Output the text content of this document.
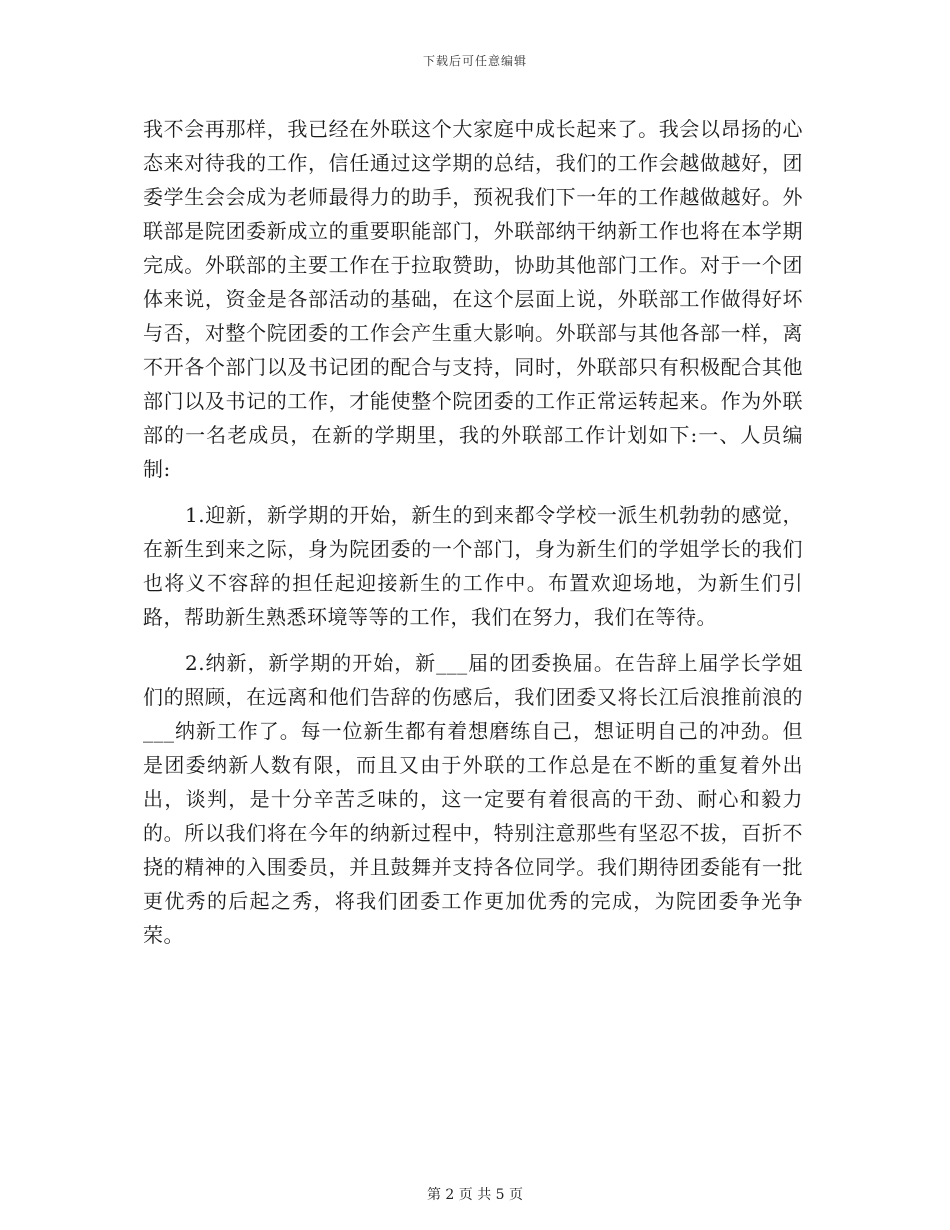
下载后可任意编辑

我不会再那样，我已经在外联这个大家庭中成长起来了。我会以昂扬的心态来对待我的工作，信任通过这学期的总结，我们的工作会越做越好，团委学生会会成为老师最得力的助手，预祝我们下一年的工作越做越好。外联部是院团委新成立的重要职能部门，外联部纳干纳新工作也将在本学期完成。外联部的主要工作在于拉取赞助，协助其他部门工作。对于一个团体来说，资金是各部活动的基础，在这个层面上说，外联部工作做得好坏与否，对整个院团委的工作会产生重大影响。外联部与其他各部一样，离不开各个部门以及书记团的配合与支持，同时，外联部只有积极配合其他部门以及书记的工作，才能使整个院团委的工作正常运转起来。作为外联部的一名老成员，在新的学期里，我的外联部工作计划如下:一、人员编制:

1.迎新，新学期的开始，新生的到来都令学校一派生机勃勃的感觉，在新生到来之际，身为院团委的一个部门，身为新生们的学姐学长的我们也将义不容辞的担任起迎接新生的工作中。布置欢迎场地，为新生们引路，帮助新生熟悉环境等等的工作，我们在努力，我们在等待。

2.纳新，新学期的开始，新___届的团委换届。在告辞上届学长学姐们的照顾，在远离和他们告辞的伤感后，我们团委又将长江后浪推前浪的___纳新工作了。每一位新生都有着想磨练自己，想证明自己的冲劲。但是团委纳新人数有限，而且又由于外联的工作总是在不断的重复着外出出，谈判，是十分辛苦乏味的，这一定要有着很高的干劲、耐心和毅力的。所以我们将在今年的纳新过程中，特别注意那些有坚忍不拔，百折不挠的精神的入围委员，并且鼓舞并支持各位同学。我们期待团委能有一批更优秀的后起之秀，将我们团委工作更加优秀的完成，为院团委争光争荣。

第 2 页 共 5 页
